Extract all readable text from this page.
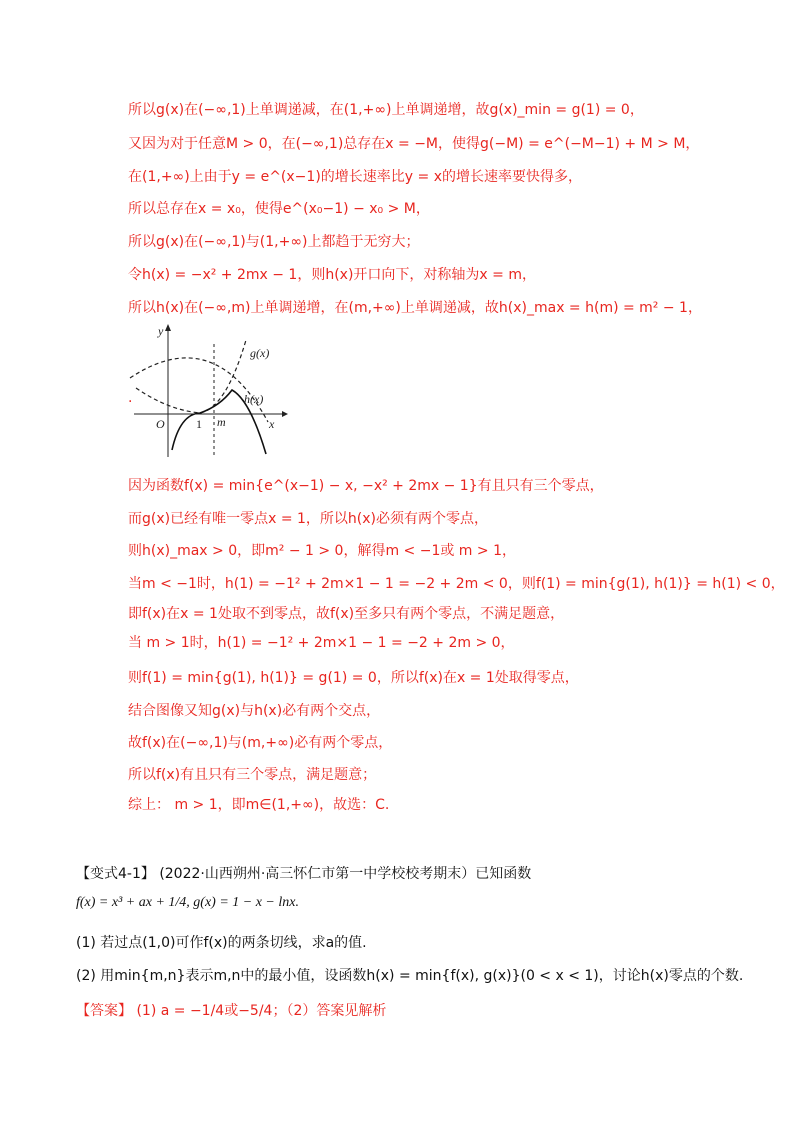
所以g(x)在(−∞,1)上单调递减，在(1,+∞)上单调递增，故g(x)_min = g(1) = 0，
又因为对于任意M > 0，在(−∞,1)总存在x = −M，使得g(−M) = e^(−M−1) + M > M，
在(1,+∞)上由于y = e^(x−1)的增长速率比y = x的增长速率要快得多，
所以总存在x = x₀，使得e^(x₀−1) − x₀ > M，
所以g(x)在(−∞,1)与(1,+∞)上都趋于无穷大；
令h(x) = −x² + 2mx − 1，则h(x)开口向下，对称轴为x = m，
所以h(x)在(−∞,m)上单调递增，在(m,+∞)上单调递减，故h(x)_max = h(m) = m² − 1，
y
x
O	1 m
g(x)
h(x)
.
因为函数f(x) = min{e^(x−1) − x, −x² + 2mx − 1}有且只有三个零点，
而g(x)已经有唯一零点x = 1，所以h(x)必须有两个零点，
则h(x)_max > 0，即m² − 1 > 0，解得m < −1或 m > 1，
当m < −1时，h(1) = −1² + 2m×1 − 1 = −2 + 2m < 0，则f(1) = min{g(1), h(1)} = h(1) < 0，
即f(x)在x = 1处取不到零点，故f(x)至多只有两个零点，不满足题意，
当 m > 1时，h(1) = −1² + 2m×1 − 1 = −2 + 2m > 0，
则f(1) = min{g(1), h(1)} = g(1) = 0，所以f(x)在x = 1处取得零点，
结合图像又知g(x)与h(x)必有两个交点，
故f(x)在(−∞,1)与(m,+∞)必有两个零点，
所以f(x)有且只有三个零点，满足题意；
综上： m > 1，即m∈(1,+∞)，故选：C.
【变式4-1】 (2022·山西朔州·高三怀仁市第一中学校校考期末）已知函数
f(x) = x³ + ax + 1/4, g(x) = 1 − x − lnx.
(1) 若过点(1,0)可作f(x)的两条切线，求a的值.
(2) 用min{m,n}表示m,n中的最小值，设函数h(x) = min{f(x), g(x)}(0 < x < 1)，讨论h(x)零点的个数.
【答案】 (1) a = −1/4或−5/4；（2）答案见解析
